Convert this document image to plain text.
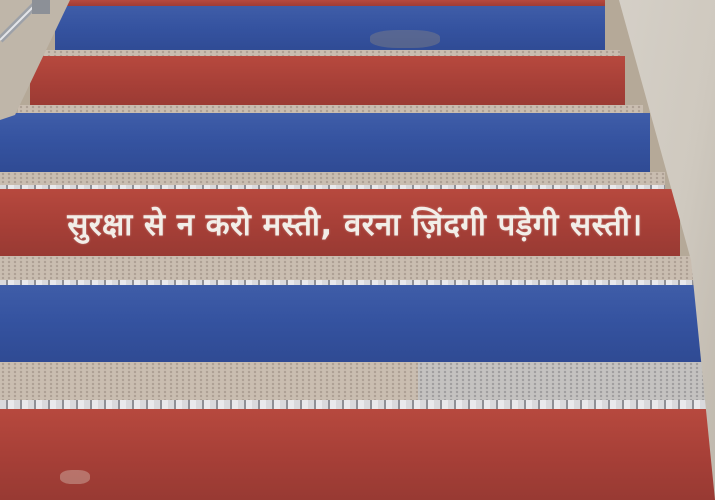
सुरक्षा से न करो मस्ती, वरना ज़िंदगी पड़ेगी सस्ती।
